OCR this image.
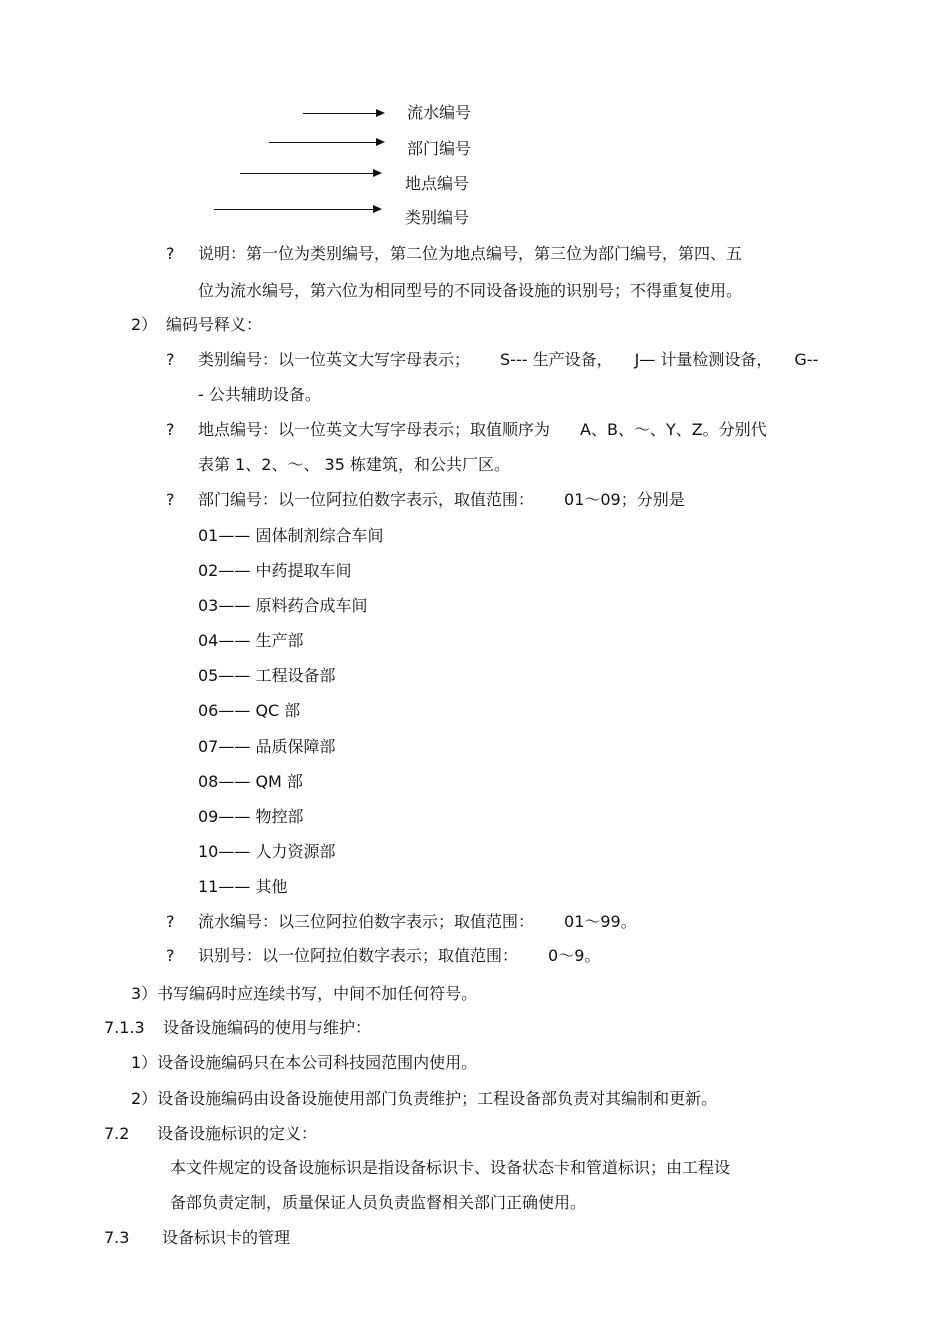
流水编号
部门编号
地点编号
类别编号
? 说明：第一位为类别编号，第二位为地点编号，第三位为部门编号，第四、五
位为流水编号，第六位为相同型号的不同设备设施的识别号；不得重复使用。
2） 编码号释义：
? 类别编号：以一位英文大写字母表示； S--- 生产设备， J— 计量检测设备， G--
- 公共辅助设备。
? 地点编号：以一位英文大写字母表示；取值顺序为 A、B、～、Y、Z。分别代
表第 1、2、～、 35 栋建筑，和公共厂区。
? 部门编号：以一位阿拉伯数字表示，取值范围： 01～09；分别是
01—— 固体制剂综合车间
02—— 中药提取车间
03—— 原料药合成车间
04—— 生产部
05—— 工程设备部
06—— QC 部
07—— 品质保障部
08—— QM 部
09—— 物控部
10—— 人力资源部
11—— 其他
? 流水编号：以三位阿拉伯数字表示；取值范围： 01～99。
? 识别号：以一位阿拉伯数字表示；取值范围： 0～9。
3）书写编码时应连续书写，中间不加任何符号。
7.1.3 设备设施编码的使用与维护：
1）设备设施编码只在本公司科技园范围内使用。
2）设备设施编码由设备设施使用部门负责维护；工程设备部负责对其编制和更新。
7.2 设备设施标识的定义：
本文件规定的设备设施标识是指设备标识卡、设备状态卡和管道标识；由工程设
备部负责定制，质量保证人员负责监督相关部门正确使用。
7.3 设备标识卡的管理
